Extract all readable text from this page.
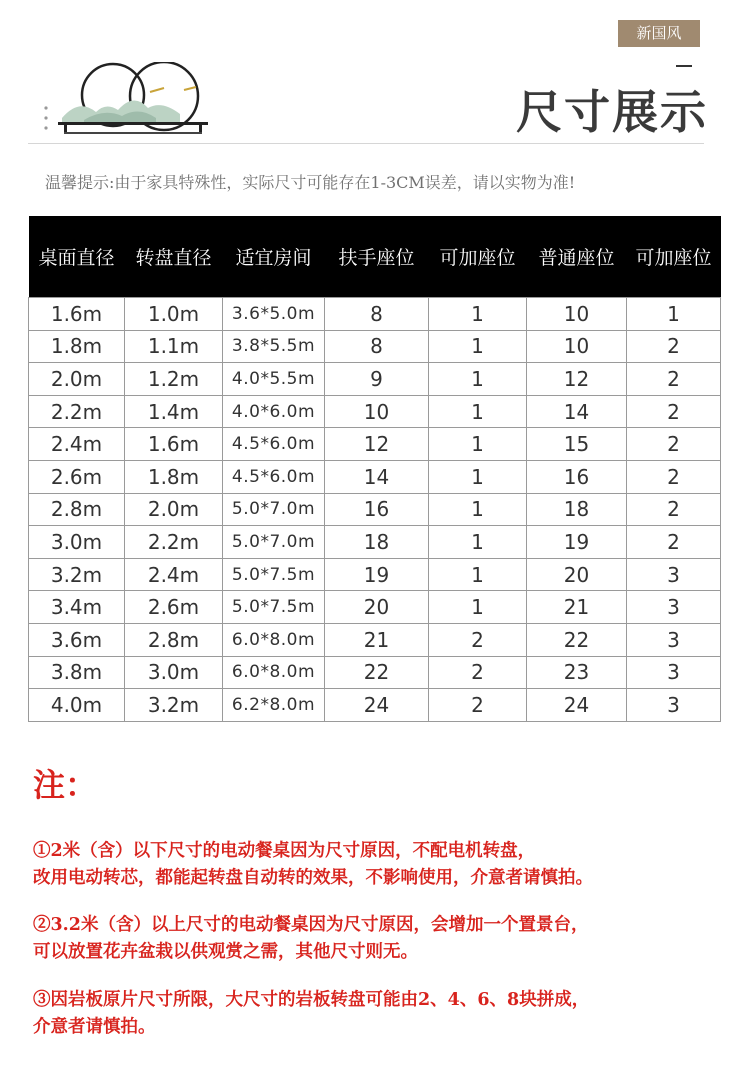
新国风
尺寸展示
温馨提示:由于家具特殊性，实际尺寸可能存在1-3CM误差，请以实物为准!
桌面直径	转盘直径	适宜房间	扶手座位	可加座位	普通座位	可加座位
1.6m	1.0m	3.6*5.0m	8	1	10	1
1.8m	1.1m	3.8*5.5m	8	1	10	2
2.0m	1.2m	4.0*5.5m	9	1	12	2
2.2m	1.4m	4.0*6.0m	10	1	14	2
2.4m	1.6m	4.5*6.0m	12	1	15	2
2.6m	1.8m	4.5*6.0m	14	1	16	2
2.8m	2.0m	5.0*7.0m	16	1	18	2
3.0m	2.2m	5.0*7.0m	18	1	19	2
3.2m	2.4m	5.0*7.5m	19	1	20	3
3.4m	2.6m	5.0*7.5m	20	1	21	3
3.6m	2.8m	6.0*8.0m	21	2	22	3
3.8m	3.0m	6.0*8.0m	22	2	23	3
4.0m	3.2m	6.2*8.0m	24	2	24	3
注：
①2米（含）以下尺寸的电动餐桌因为尺寸原因，不配电机转盘，
改用电动转芯，都能起转盘自动转的效果，不影响使用，介意者请慎拍。
②3.2米（含）以上尺寸的电动餐桌因为尺寸原因，会增加一个置景台，
可以放置花卉盆栽以供观赏之需，其他尺寸则无。
③因岩板原片尺寸所限，大尺寸的岩板转盘可能由2、4、6、8块拼成，
介意者请慎拍。
